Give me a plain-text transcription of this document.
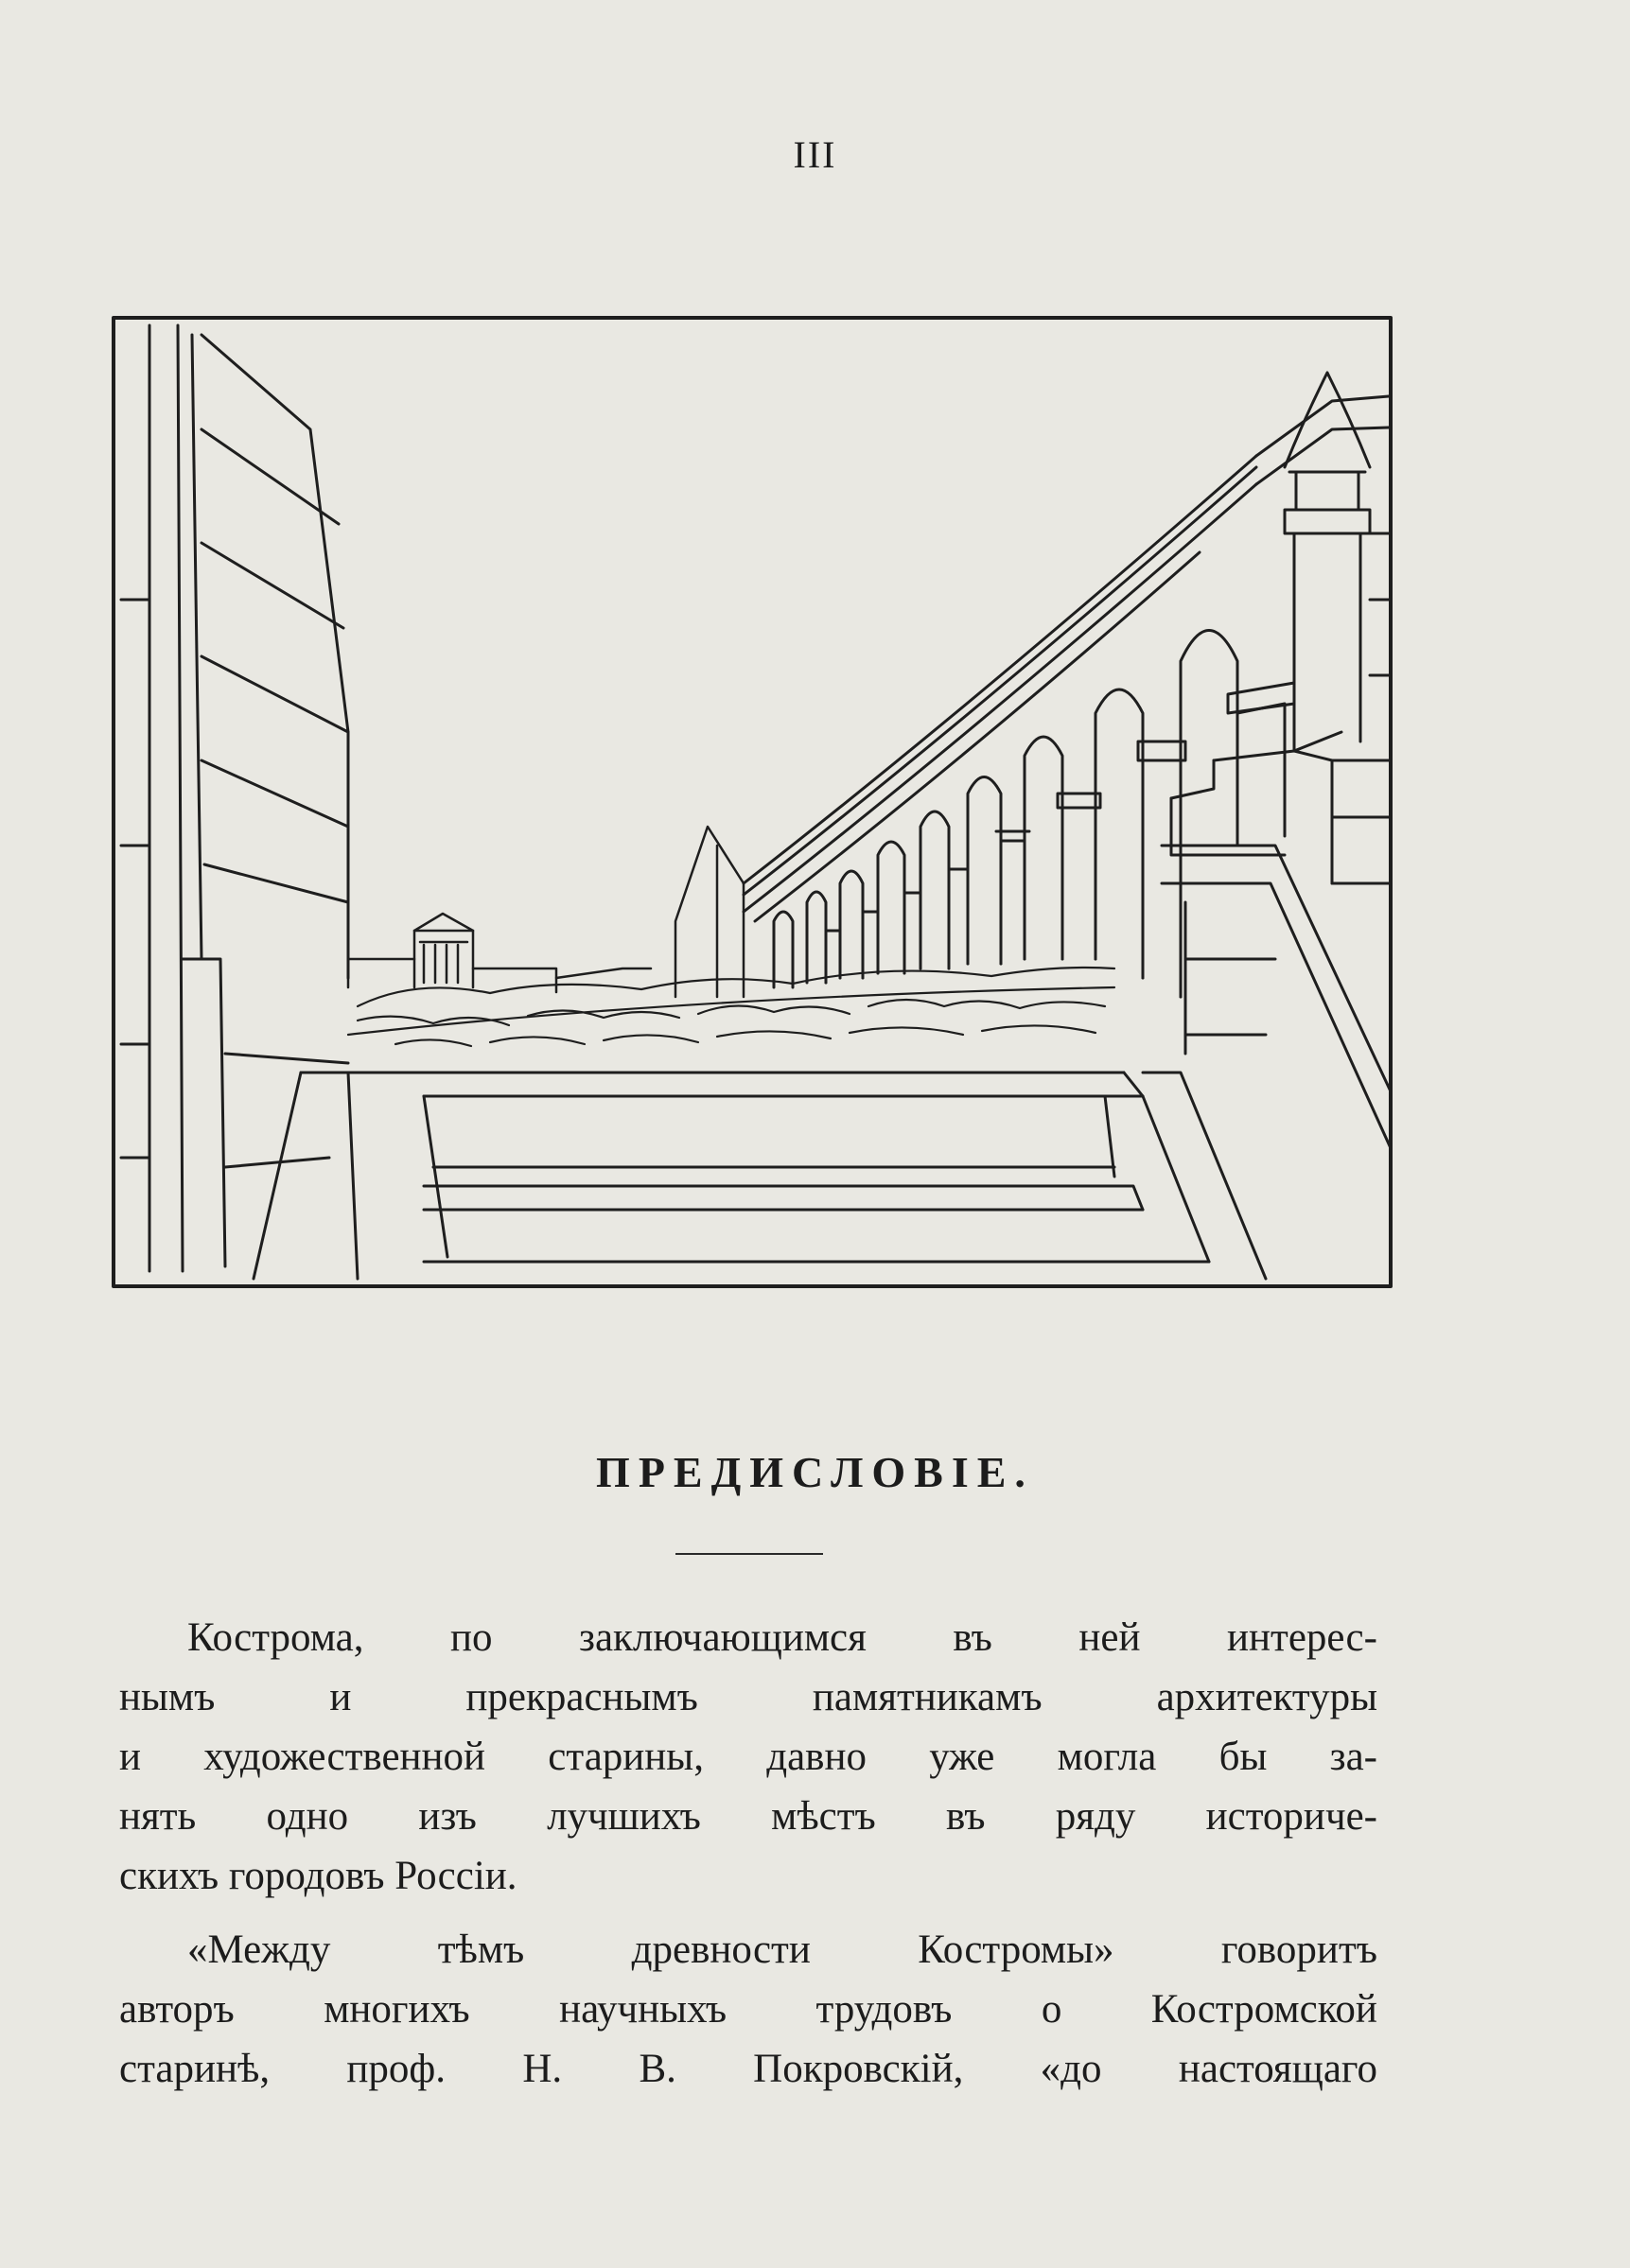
III
ПРЕДИСЛОВІЕ.
Кострома, по заключающимся въ ней интерес-
нымъ	и	прекраснымъ	памятникамъ	архитектуры
и художественной старины, давно уже могла бы за-
нять одно изъ лучшихъ мѣстъ въ ряду историче-
скихъ городовъ Россіи.
«Между	тѣмъ	древности	Костромы»	говоритъ
авторъ многихъ научныхъ трудовъ о Костромской
старинѣ, проф. Н. В. Покровскій, «до настоящаго
